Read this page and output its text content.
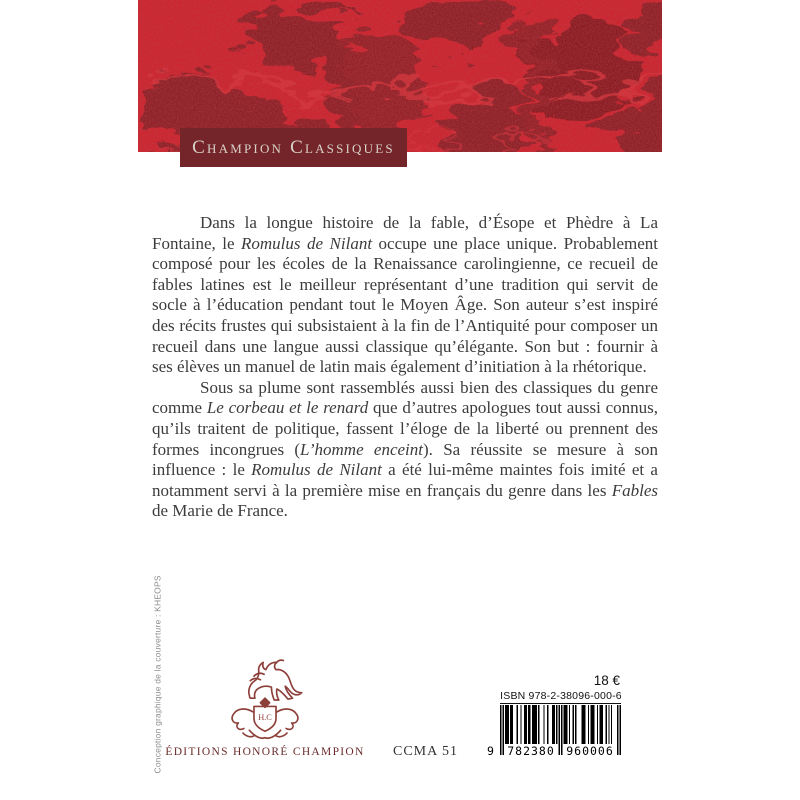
Champion Classiques

Dans la longue histoire de la fable, d’Ésope et Phèdre à La Fontaine, le Romulus de Nilant occupe une place unique. Probablement composé pour les écoles de la Renaissance carolingienne, ce recueil de fables latines est le meilleur représentant d’une tradition qui servit de socle à l’éducation pendant tout le Moyen Âge. Son auteur s’est inspiré des récits frustes qui subsistaient à la fin de l’Antiquité pour composer un recueil dans une langue aussi classique qu’élégante. Son but : fournir à ses élèves un manuel de latin mais également d’initiation à la rhétorique.

Sous sa plume sont rassemblés aussi bien des classiques du genre comme Le corbeau et le renard que d’autres apologues tout aussi connus, qu’ils traitent de politique, fassent l’éloge de la liberté ou prennent des formes incongrues (L’homme enceint). Sa réussite se mesure à son influence : le Romulus de Nilant a été lui-même maintes fois imité et a notamment servi à la première mise en français du genre dans les Fables de Marie de France.

Conception graphique de la couverture : KHEOPS	H.C
ÉDITIONS HONORÉ CHAMPION	CCMA 51
18 €
ISBN 978-2-38096-000-6
9 782380 960006
